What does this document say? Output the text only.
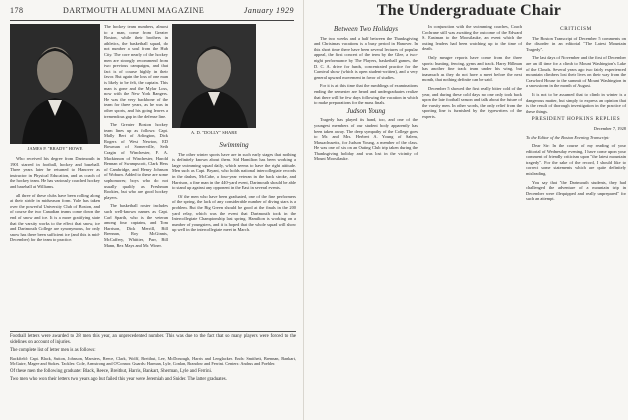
178	DARTMOUTH ALUMNI MAGAZINE	January 1929
JAMES P. "BRADY" HOWE

Who received his degree from Dartmouth in 1901 starred in football, hockey and baseball. Three years later he returned to Hanover as instructor in Physical Education, and as coach of the hockey team. He has variously coached hockey and baseball at Williams.

all three of these clubs have been rolling along at their stride in midseason form. Yale has taken over the powerful University Club of Boston, and of course the two Canadian teams come down the end of snow and ice. It is a more gratifying state that the varsity works to the effect that snow, ice and Dartmouth College are synonymous, for only snow has there been sufficient ice (and this is mid-December) for the team to practice.

The hockey team numbers, almost to a man, come from Greater Boston, while their brothers in athletics, the basketball squad, do not number a soul from the Hub City. The core nearly of the hockey men are strongly recommend from two previous campaigns, and that fact is of course highly in their favor. But again the loss of one man is likely to be felt, the captain. This man is gone and the Mylar Loss, now with the New York Rangers. He was the very backbone of the team for three years, as he was in other sports, and his going leaves a tremendous gap in the defense line.

The Greater Boston hockey team lines up as follows: Capt. Mally Bert of Arlington, Dick Rogers of West Newton, ED Bowman of Somerville, Seth Cragin of Winchester, F. A. Mackinnon of Winchester, Harold Bennan of Swampscott, Clark Hess of Cambridge, and Henry Johnson of Woburn. Added to these are some sophomores; boys who do not usually qualify as Freshman Rookies, but who are good hockey players.

The basketball roster includes such well-known names as Capt. Carl Sparth, who is the veteran among four captains, and Tom Harrison, Dick Merrill, Bill Brennan, Roy McGinnis, McCaffery, Whittier, Parr, Bill Mann, Rex Mays and Mr. Winer.

A. D. "DOLLY" SHARE
Swimming

The other winter sports have are in such early stages that nothing is definitely known about them. Sid Hamilton has been working a large swimming squad daily, which seems to have the right attitude. Men such as Capt. Bryant, who holds national intercollegiate records in the dashes, McCabe, a four-year veteran in the back stroke, and Harrison, a fine man in the 440-yard event, Dartmouth should be able to stand up against any opponent in the East in several events.

Of the men who have been graduated, one of the fine performers of the spring, the lack of any considerable number of diving stars is a problem. But the Big Green should be good at the finals in the 200 yard relay, which was the event that Dartmouth took in the Intercollegiate Championship last spring. Hamilton is working on a number of youngsters, and it is hoped that the whole squad will show up well in the intercollegiate meet in March.

Football letters were awarded to 28 men this year, an unprecedented number. This was due to the fact that so many players were forced to the sidelines on account of injuries.

The complete list of letter men is as follows:

Backfield: Capt. Black, Sutton, Johnson, Marsters, Reece, Clark, Wolff, Breithut, Lee, McDonough, Harris and Lenglacker. Ends: Smithett, Brennan, Bankart, McGuire, Magee and Stokes. Tackles: Cole, Armstrong and O'Connor. Guards: Harman, Lyle, Conlan, Brandow and Ferrini. Centers: Andrus and Poehler.

Of these men the following graduate: Black, Reece, Breithut, Harris, Bankart, Sherman, Lyle and Ferrini.

Two men who won their letters two years ago but failed this year were Jeremiah and Snider. The latter graduates.

The Undergraduate Chair
Between Two Holidays

The two weeks and a half between the Thanksgiving and Christmas vacations is a busy period in Hanover. In this short time there have been several lectures of popular appeal, the first concert of the term by the Glee, a two-night performance by The Players, basketball games, the D. C. A. drive for funds, concentrated practice for the Carnival show (which is open student-written), and a very general upward movement in favor of studies.

For it is at this time that the rumblings of examinations ending the semester are heard and undergraduates realize that there will be few days following the vacation in which to make preparations for the mass finals.

Judson Young

Tragedy has played its hand, too, and one of the youngest members of our student body apparently has been taken away. The deep sympathy of the College goes to Mr. and Mrs. Herbert A. Young of Salem, Massachusetts, for Judson Young, a member of the class. He was one of six on an Outing Club trip taken during the Thanksgiving holiday and was lost in the vicinity of Mount Moosilauke.

In conjunction with the swimming coaches, Coach Cochrane still was awaiting the outcome of the Edward S. Eastman to the Moosilauke, an event which the outing leaders had been watching up to the time of death.

Only meagre reports have come from the three sports: hunting, fencing, gyms and track. Harry Hillman has another fine track team under his wing, but inasmuch as they do not have a meet before the next month, that nothing definite can be said.

December 5 showed the first really bitter cold of the year, and during these cold days no one only took back upon the late football season and talk about the future of the varsity men. In other words, the only relief from the sporting line is furnished by the typewriters of the experts.

CRITICISM

The Boston Transcript of December 5 comments on the disorder in an editorial "The Latest Mountain Tragedy".

The last days of November and the first of December are an ill time for a climb to Mount Washington's Lake of the Clouds. Several years ago two fairly experienced mountain climbers lost their lives on their way from the Crawford House to the summit of Mount Washington in a snowstorm in the month of August.

It is not to be assumed that to climb in winter is a dangerous matter, but simply to express an opinion that is the result of thorough investigation in the practice of these things.

PRESIDENT HOPKINS REPLIES

December 7, 1928

To the Editor of the Boston Evening Transcript:

Dear Sir: In the course of my reading of your editorial of Wednesday evening, I have come upon your comment of friendly criticism upon "the latest mountain tragedy". For the sake of the record, I should like to correct some statements which are quite definitely misleading.

You say that "the Dartmouth students, they had challenged the adventure of a mountain trip in December were illequipped and really unprepared" for such an attempt.
